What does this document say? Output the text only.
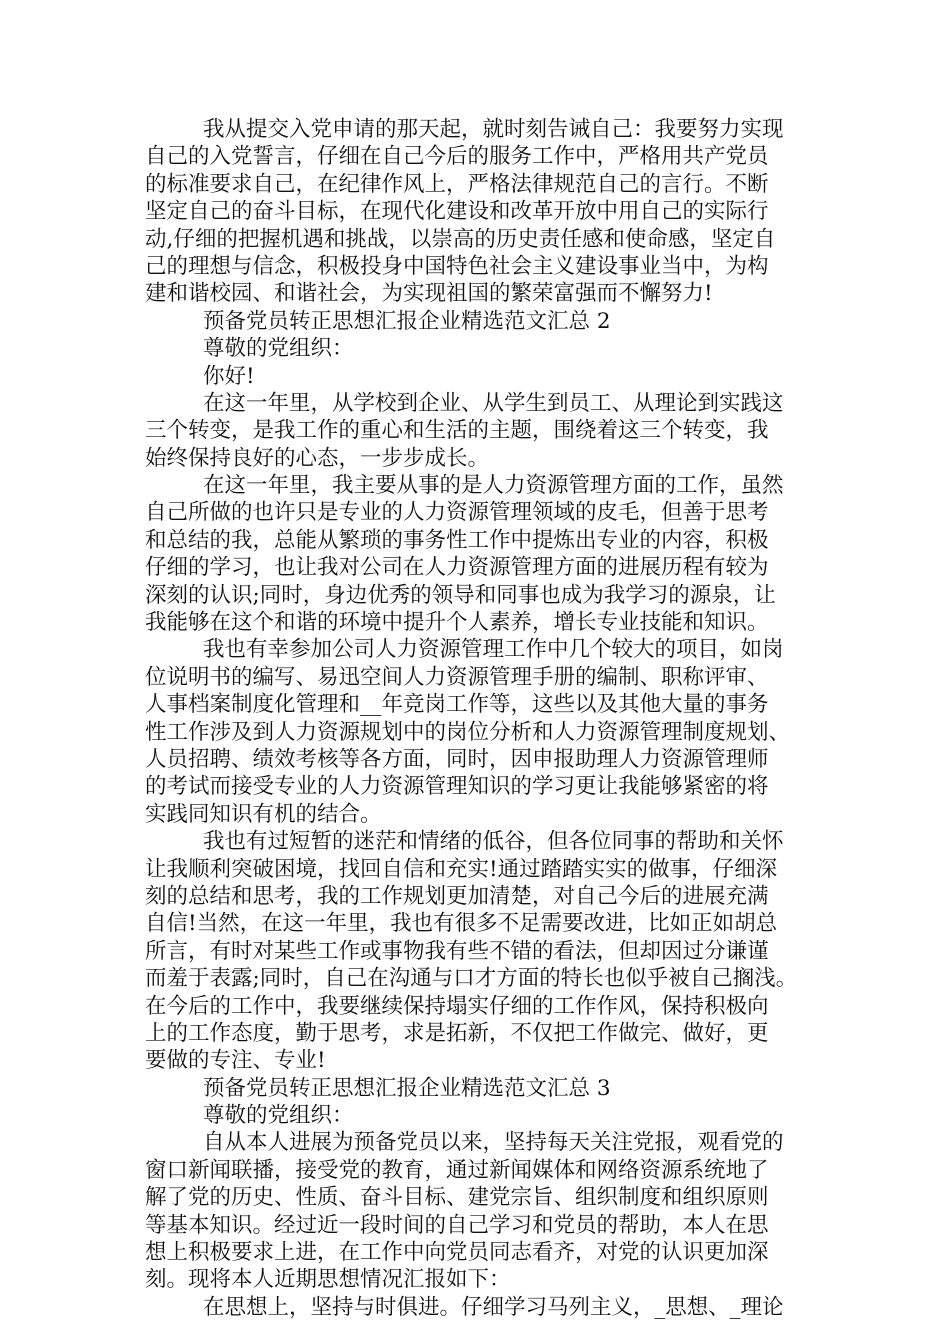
我从提交入党申请的那天起，就时刻告诫自己：我要努力实现
自己的入党誓言，仔细在自己今后的服务工作中，严格用共产党员
的标准要求自己，在纪律作风上，严格法律规范自己的言行。不断
坚定自己的奋斗目标，在现代化建设和改革开放中用自己的实际行
动,仔细的把握机遇和挑战，以崇高的历史责任感和使命感，坚定自
己的理想与信念，积极投身中国特色社会主义建设事业当中，为构
建和谐校园、和谐社会，为实现祖国的繁荣富强而不懈努力!
预备党员转正思想汇报企业精选范文汇总 2
尊敬的党组织：
你好!
在这一年里，从学校到企业、从学生到员工、从理论到实践这
三个转变，是我工作的重心和生活的主题，围绕着这三个转变，我
始终保持良好的心态，一步步成长。
在这一年里，我主要从事的是人力资源管理方面的工作，虽然
自己所做的也许只是专业的人力资源管理领域的皮毛，但善于思考
和总结的我，总能从繁琐的事务性工作中提炼出专业的内容，积极
仔细的学习，也让我对公司在人力资源管理方面的进展历程有较为
深刻的认识;同时，身边优秀的领导和同事也成为我学习的源泉，让
我能够在这个和谐的环境中提升个人素养，增长专业技能和知识。
我也有幸参加公司人力资源管理工作中几个较大的项目，如岗
位说明书的编写、易迅空间人力资源管理手册的编制、职称评审、
人事档案制度化管理和__年竞岗工作等，这些以及其他大量的事务
性工作涉及到人力资源规划中的岗位分析和人力资源管理制度规划、
人员招聘、绩效考核等各方面，同时，因申报助理人力资源管理师
的考试而接受专业的人力资源管理知识的学习更让我能够紧密的将
实践同知识有机的结合。
我也有过短暂的迷茫和情绪的低谷，但各位同事的帮助和关怀
让我顺利突破困境，找回自信和充实!通过踏踏实实的做事，仔细深
刻的总结和思考，我的工作规划更加清楚，对自己今后的进展充满
自信!当然，在这一年里，我也有很多不足需要改进，比如正如胡总
所言，有时对某些工作或事物我有些不错的看法，但却因过分谦谨
而羞于表露;同时，自己在沟通与口才方面的特长也似乎被自己搁浅。
在今后的工作中，我要继续保持塌实仔细的工作作风，保持积极向
上的工作态度，勤于思考，求是拓新，不仅把工作做完、做好，更
要做的专注、专业!
预备党员转正思想汇报企业精选范文汇总 3
尊敬的党组织：
自从本人进展为预备党员以来，坚持每天关注党报，观看党的
窗口新闻联播，接受党的教育，通过新闻媒体和网络资源系统地了
解了党的历史、性质、奋斗目标、建党宗旨、组织制度和组织原则
等基本知识。经过近一段时间的自己学习和党员的帮助，本人在思
想上积极要求上进，在工作中向党员同志看齐，对党的认识更加深
刻。现将本人近期思想情况汇报如下：
在思想上，坚持与时俱进。仔细学习马列主义，_思想、_理论
